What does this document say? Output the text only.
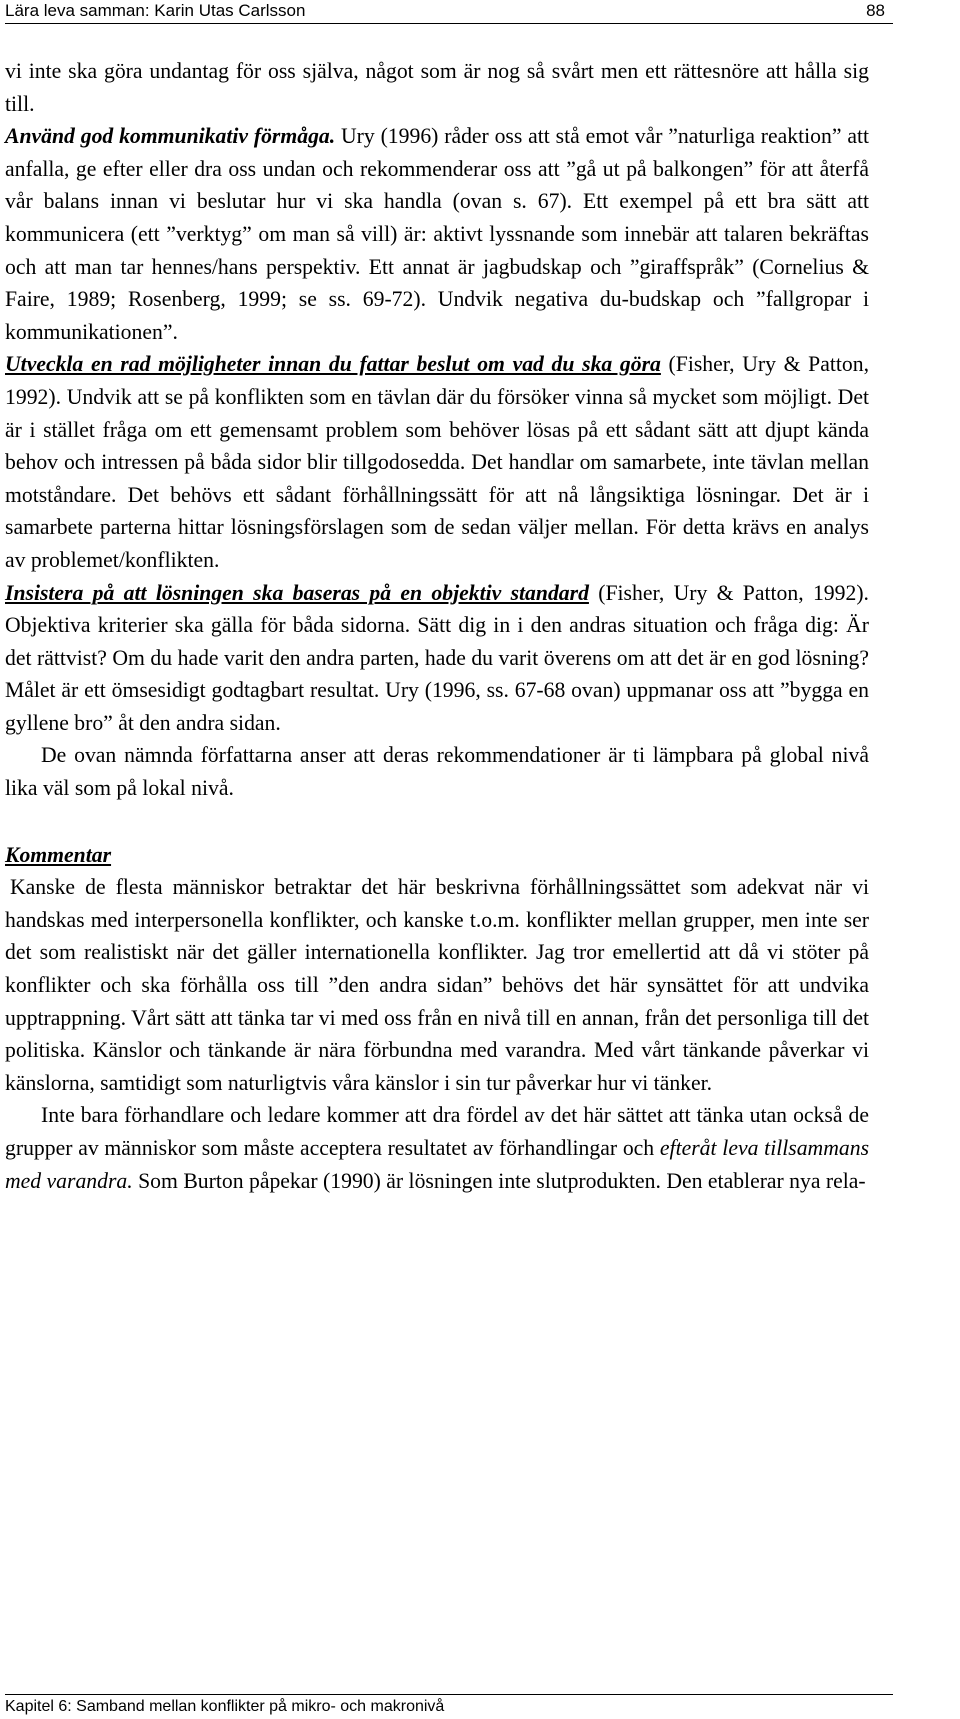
Lära leva samman: Karin Utas Carlsson	88

vi inte ska göra undantag för oss själva, något som är nog så svårt men ett rättesnöre att hålla sig till.

Använd god kommunikativ förmåga. Ury (1996) råder oss att stå emot vår ”naturliga reaktion” att anfalla, ge efter eller dra oss undan och rekommenderar oss att ”gå ut på balkongen” för att återfå vår balans innan vi beslutar hur vi ska handla (ovan s. 67). Ett exempel på ett bra sätt att kommunicera (ett ”verktyg” om man så vill) är: aktivt lyssnande som innebär att talaren bekräftas och att man tar hennes/hans perspektiv. Ett annat är jagbudskap och ”giraffspråk” (Cornelius & Faire, 1989; Rosenberg, 1999; se ss. 69-72). Undvik negativa du-budskap och ”fallgropar i kommunikationen”.

Utveckla en rad möjligheter innan du fattar beslut om vad du ska göra (Fisher, Ury & Patton, 1992). Undvik att se på konflikten som en tävlan där du försöker vinna så mycket som möjligt. Det är i stället fråga om ett gemensamt problem som behöver lösas på ett sådant sätt att djupt kända behov och intressen på båda sidor blir tillgodosedda. Det handlar om samarbete, inte tävlan mellan motståndare. Det behövs ett sådant förhållningssätt för att nå långsiktiga lösningar. Det är i samarbete parterna hittar lösningsförslagen som de sedan väljer mellan. För detta krävs en analys av problemet/konflikten.

Insistera på att lösningen ska baseras på en objektiv standard (Fisher, Ury & Patton, 1992). Objektiva kriterier ska gälla för båda sidorna. Sätt dig in i den andras situation och fråga dig: Är det rättvist? Om du hade varit den andra parten, hade du varit överens om att det är en god lösning? Målet är ett ömsesidigt godtagbart resultat. Ury (1996, ss. 67-68 ovan) uppmanar oss att ”bygga en gyllene bro” åt den andra sidan.

De ovan nämnda författarna anser att deras rekommendationer är ti lämpbara på global nivå lika väl som på lokal nivå.

Kommentar

Kanske de flesta människor betraktar det här beskrivna förhållningssättet som adekvat när vi handskas med interpersonella konflikter, och kanske t.o.m. konflikter mellan grupper, men inte ser det som realistiskt när det gäller internationella konflikter. Jag tror emellertid att då vi stöter på konflikter och ska förhålla oss till ”den andra sidan” behövs det här synsättet för att undvika upptrappning. Vårt sätt att tänka tar vi med oss från en nivå till en annan, från det personliga till det politiska. Känslor och tänkande är nära förbundna med varandra. Med vårt tänkande påverkar vi känslorna, samtidigt som naturligtvis våra känslor i sin tur påverkar hur vi tänker.

Inte bara förhandlare och ledare kommer att dra fördel av det här sättet att tänka utan också de grupper av människor som måste acceptera resultatet av förhandlingar och efteråt leva tillsammans med varandra. Som Burton påpekar (1990) är lösningen inte slutprodukten. Den etablerar nya rela-

Kapitel 6: Samband mellan konflikter på mikro- och makronivå
